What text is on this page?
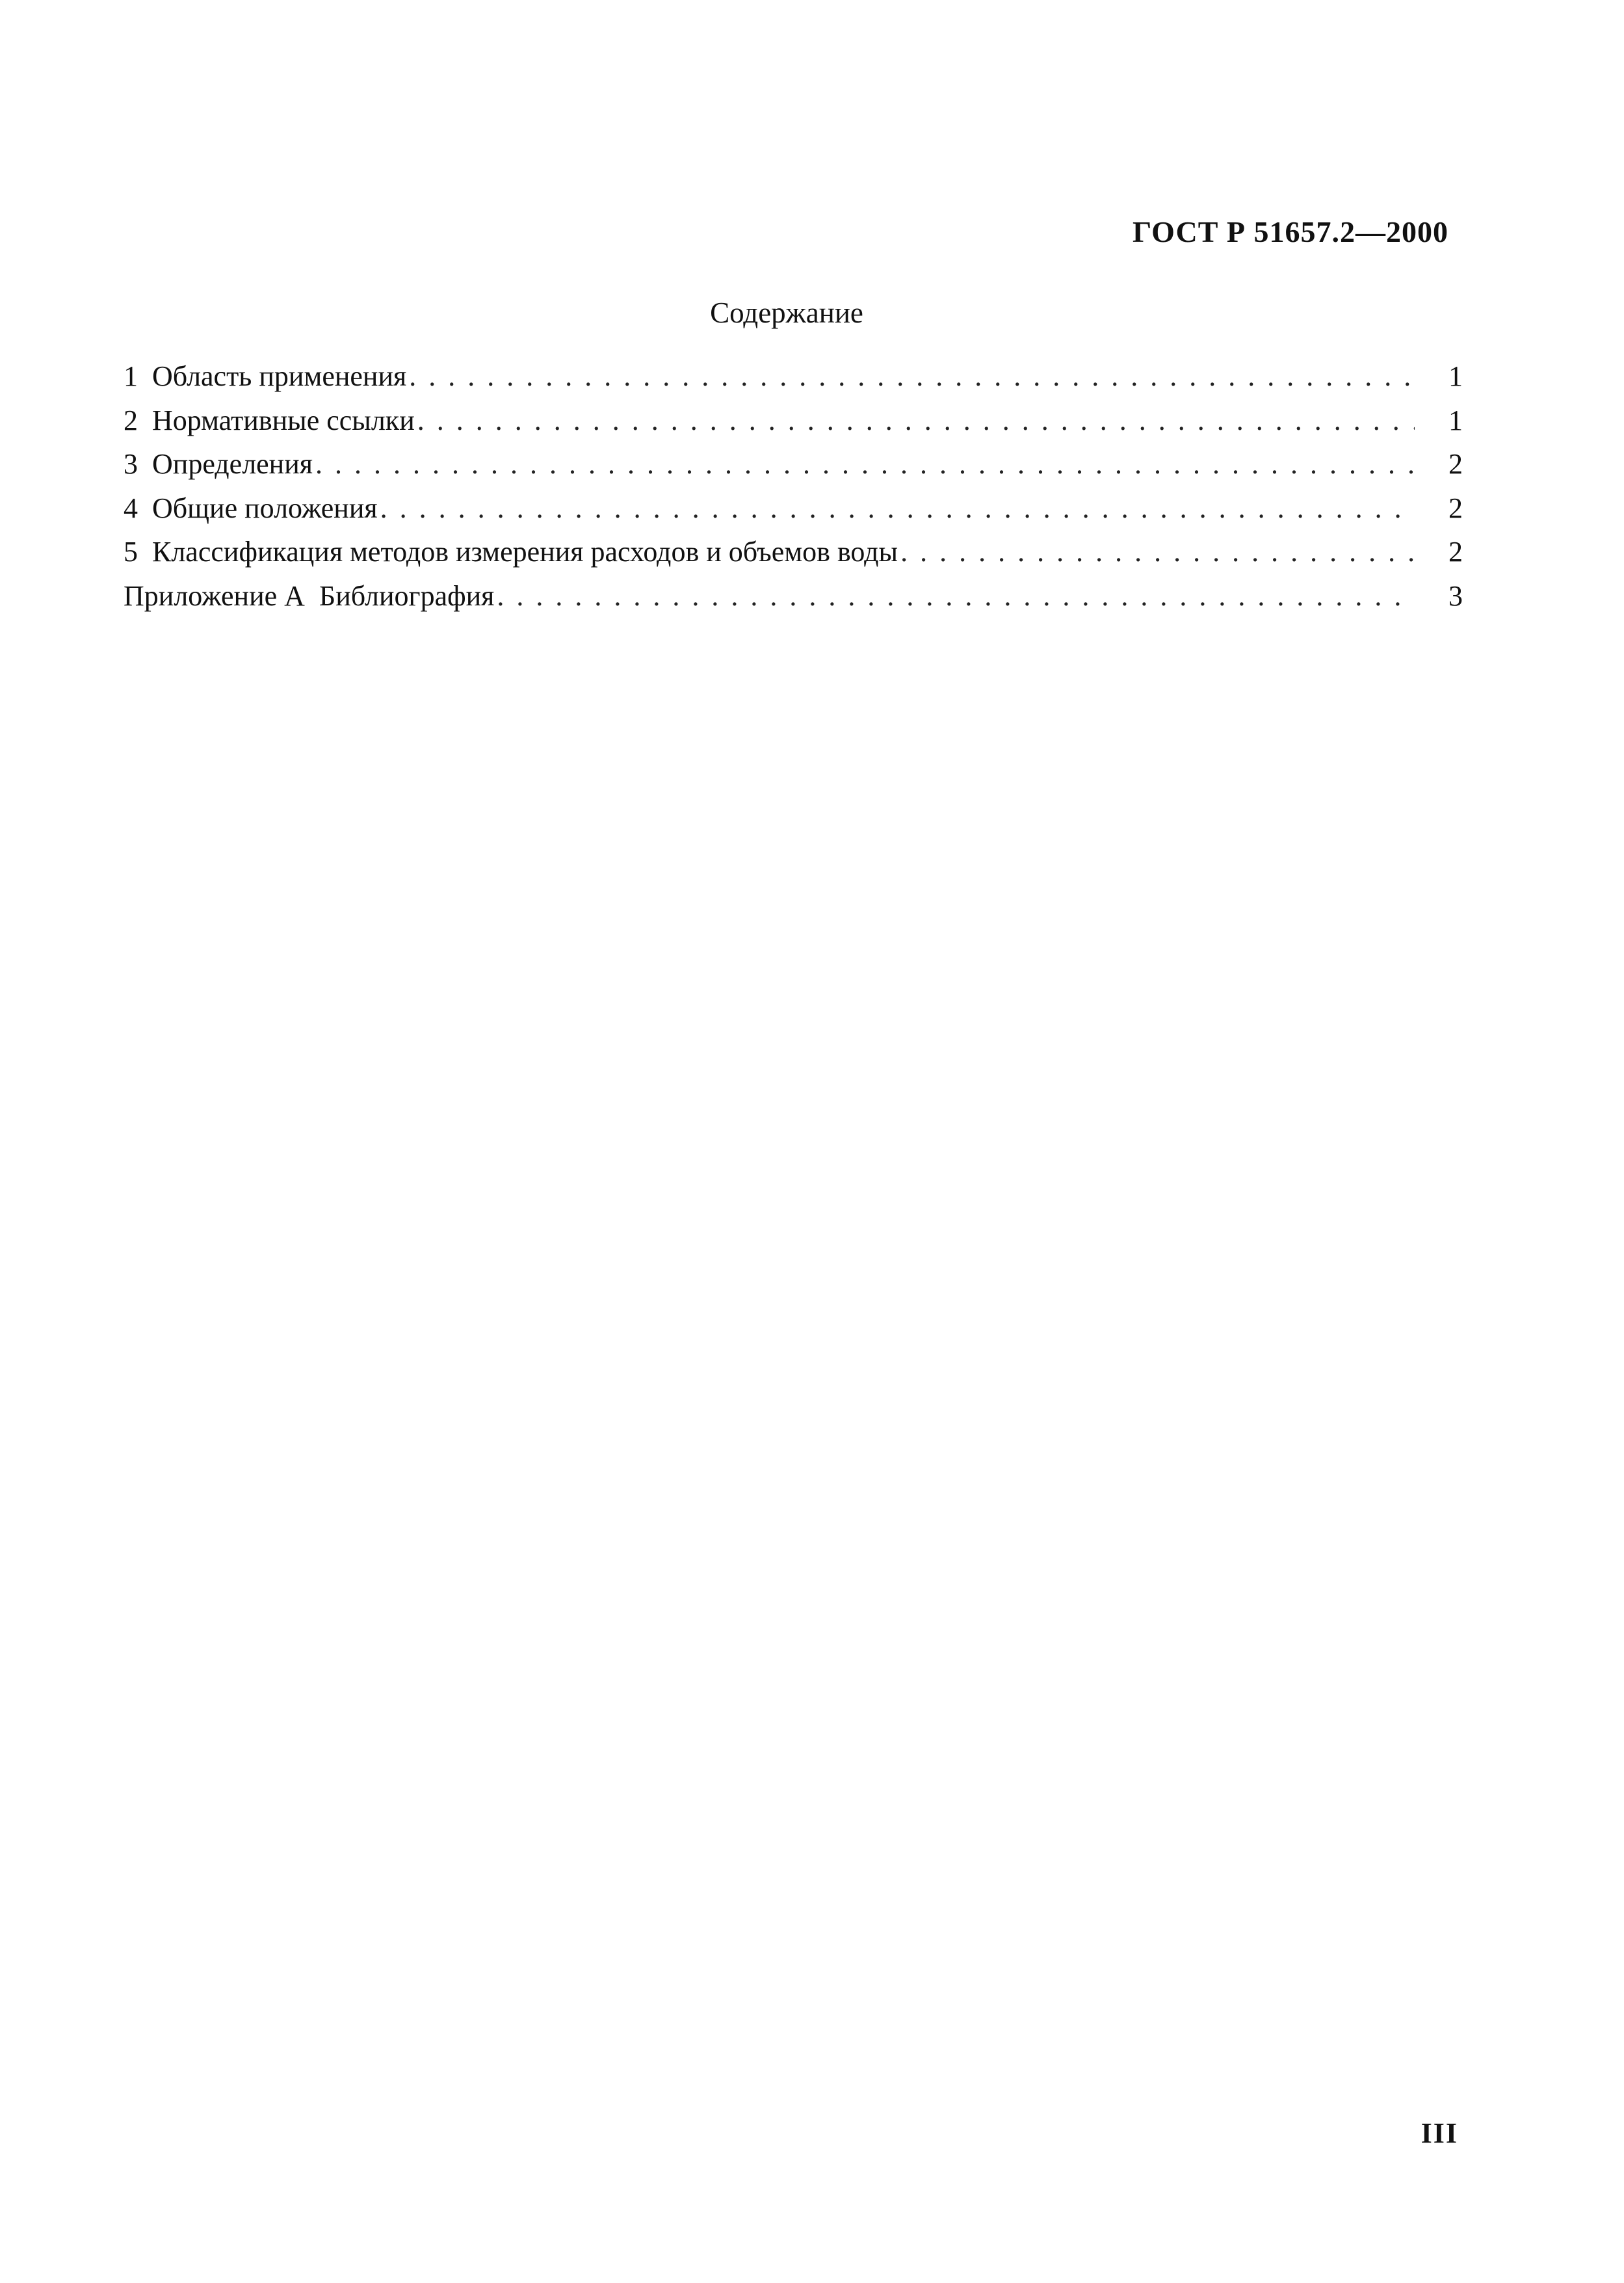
ГОСТ Р 51657.2—2000
Содержание
1 Область применения . . .	1
2 Нормативные ссылки . . .	1
3 Определения . . .	2
4 Общие положения . . .	2
5 Классификация методов измерения расходов и объемов воды . . .	2
Приложение А  Библиография . . .	3
III
